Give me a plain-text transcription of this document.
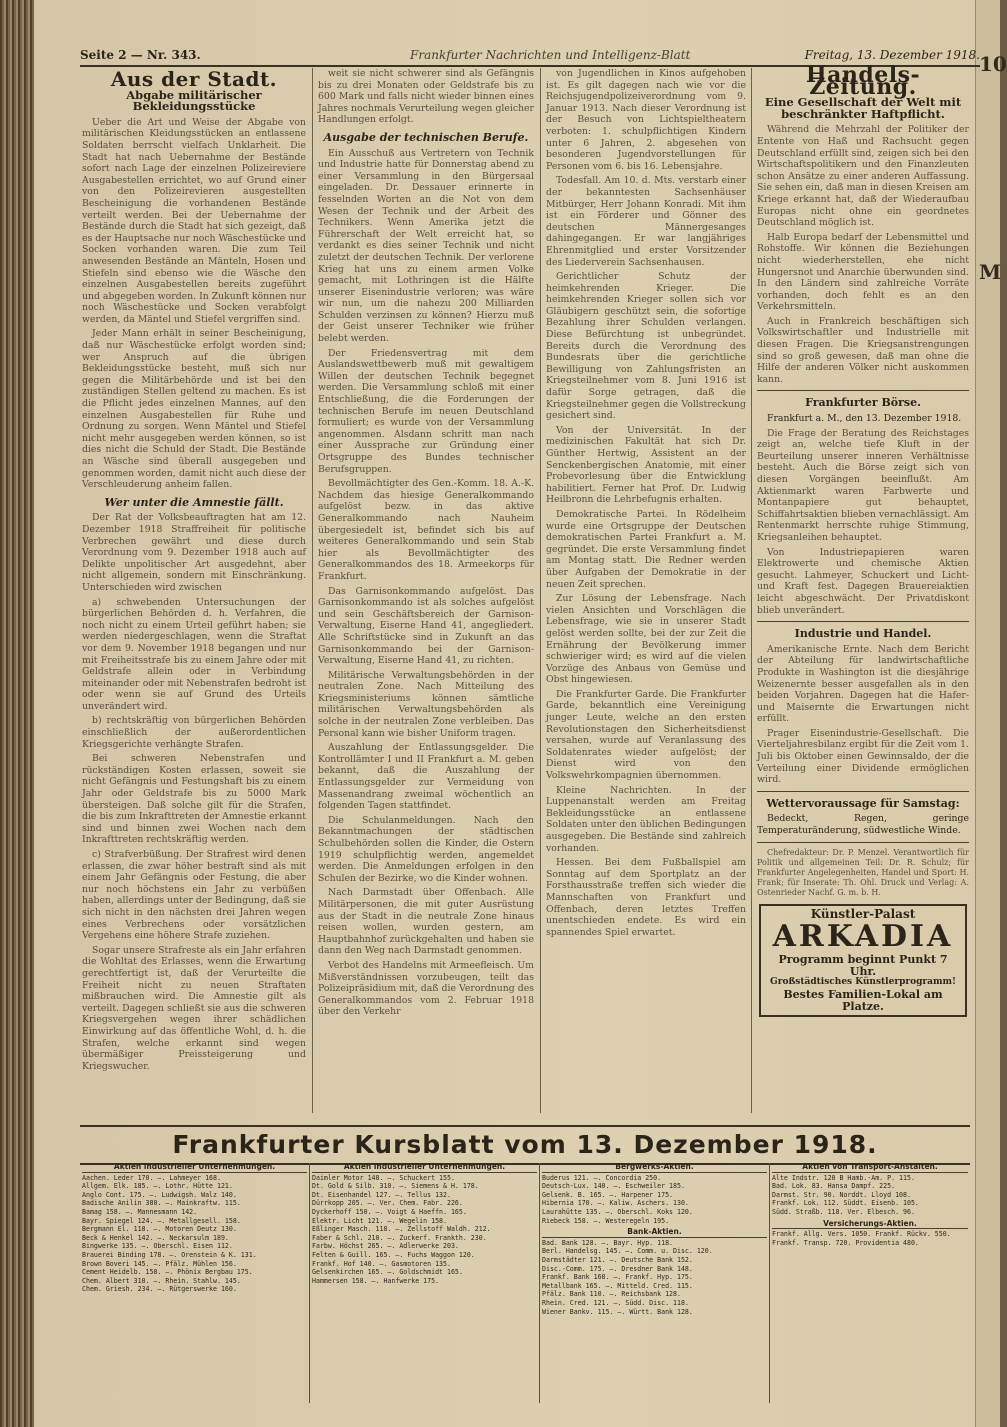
10
M
Seite 2 — Nr. 343.	Frankfurter Nachrichten und Intelligenz-Blatt	Freitag, 13. Dezember 1918.
Aus der Stadt.
Abgabe militärischer Bekleidungsstücke

Ueber die Art und Weise der Abgabe von militärischen Kleidungsstücken an entlassene Soldaten berrscht vielfach Unklarheit. Die Stadt hat nach Uebernahme der Bestände sofort nach Lage der einzelnen Polizeireviere Ausgabestellen errichtet, wo auf Grund einer von den Polizeirevieren ausgestellten Bescheinigung die vorhandenen Bestände verteilt werden. Bei der Uebernahme der Bestände durch die Stadt hat sich gezeigt, daß es der Hauptsache nur noch Wäschestücke und Socken vorhanden waren. Die zum Teil anwesenden Bestände an Mänteln, Hosen und Stiefeln sind ebenso wie die Wäsche den einzelnen Ausgabestellen bereits zugeführt und abgegeben worden. In Zukunft können nur noch Wäschestücke und Socken verabfolgt werden, da Mäntel und Stiefel vergriffen sind.

Jeder Mann erhält in seiner Bescheinigung, daß nur Wäschestücke erfolgt worden sind; wer Anspruch auf die übrigen Bekleidungsstücke besteht, muß sich nur gegen die Militärbehörde und ist bei den zuständigen Stellen geltend zu machen. Es ist die Pflicht jedes einzelnen Mannes, auf den einzelnen Ausgabestellen für Ruhe und Ordnung zu sorgen. Wenn Mäntel und Stiefel nicht mehr ausgegeben werden können, so ist dies nicht die Schuld der Stadt. Die Bestände an Wäsche sind überall ausgegeben und genommen worden, damit nicht auch diese der Verschleuderung anheim fallen.

Wer unter die Amnestie fällt.

Der Rat der Volksbeauftragten hat am 12. Dezember 1918 Straffreiheit für politische Verbrechen gewährt und diese durch Verordnung vom 9. Dezember 1918 auch auf Delikte unpolitischer Art ausgedehnt, aber nicht allgemein, sondern mit Einschränkung. Unterschieden wird zwischen

a) schwebenden Untersuchungen der bürgerlichen Behörden d. h. Verfahren, die noch nicht zu einem Urteil geführt haben; sie werden niedergeschlagen, wenn die Straftat vor dem 9. November 1918 begangen und nur mit Freiheitsstrafe bis zu einem Jahre oder mit Geldstrafe allein oder in Verbindung miteinander oder mit Nebenstrafen bedroht ist oder wenn sie auf Grund des Urteils unverändert wird.

b) rechtskräftig von bürgerlichen Behörden einschließlich der außerordentlichen Kriegsgerichte verhängte Strafen.

Bei schweren Nebenstrafen und rückständigen Kosten erlassen, soweit sie nicht Gefängnis und Festungshaft bis zu einem Jahr oder Geldstrafe bis zu 5000 Mark übersteigen. Daß solche gilt für die Strafen, die bis zum Inkrafttreten der Amnestie erkannt sind und binnen zwei Wochen nach dem Inkrafttreten rechtskräftig werden.

c) Strafverbüßung. Der Strafrest wird denen erlassen, die zwar höher bestraft sind als mit einem Jahr Gefängnis oder Festung, die aber nur noch höchstens ein Jahr zu verbüßen haben, allerdings unter der Bedingung, daß sie sich nicht in den nächsten drei Jahren wegen eines Verbrechens oder vorsätzlichen Vergehens eine höhere Strafe zuziehen.

Sogar unsere Strafreste als ein Jahr erfahren die Wohltat des Erlasses, wenn die Erwartung gerechtfertigt ist, daß der Verurteilte die Freiheit nicht zu neuen Straftaten mißbrauchen wird. Die Amnestie gilt als verteilt. Dagegen schließt sie aus die schweren Kriegsvergehen wegen ihrer schädlichen Einwirkung auf das öffentliche Wohl, d. h. die Strafen, welche erkannt sind wegen übermäßiger Preissteigerung und Kriegswucher.

weit sie nicht schwerer sind als Gefängnis bis zu drei Monaten oder Geldstrafe bis zu 600 Mark und falls nicht wieder binnen eines Jahres nochmals Verurteilung wegen gleicher Handlungen erfolgt.

Ausgabe der technischen Berufe.

Ein Ausschuß aus Vertretern von Technik und Industrie hatte für Donnerstag abend zu einer Versammlung in den Bürgersaal eingeladen. Dr. Dessauer erinnerte in fesselnden Worten an die Not von dem Wesen der Technik und der Arbeit des Technikers. Wenn Amerika jetzt die Führerschaft der Welt erreicht hat, so verdankt es dies seiner Technik und nicht zuletzt der deutschen Technik. Der verlorene Krieg hat uns zu einem armen Volke gemacht, mit Lothringen ist die Hälfte unserer Eisenindustrie verloren; was wäre wir nun, um die nahezu 200 Milliarden Schulden verzinsen zu können? Hierzu muß der Geist unserer Techniker wie früher belebt werden.

Der Friedensvertrag mit dem Auslandswettbewerb muß mit gewaltigem Willen der deutschen Technik begegnet werden. Die Versammlung schloß mit einer Entschließung, die die Forderungen der technischen Berufe im neuen Deutschland formuliert; es wurde von der Versammlung angenommen. Alsdann schritt man nach einer Aussprache zur Gründung einer Ortsgruppe des Bundes technischer Berufsgruppen.

Bevollmächtigter des Gen.-Komm. 18. A.-K. Nachdem das hiesige Generalkommando aufgelöst bezw. in das aktive Generalkommando nach Nauheim übergesiedelt ist, befindet sich bis auf weiteres Generalkommando und sein Stab hier als Bevollmächtigter des Generalkommandos des 18. Armeekorps für Frankfurt.

Das Garnisonkommando aufgelöst. Das Garnisonkommando ist als solches aufgelöst und sein Geschäftsbereich der Garnison-Verwaltung, Eiserne Hand 41, angegliedert. Alle Schriftstücke sind in Zukunft an das Garnisonkommando bei der Garnison-Verwaltung, Eiserne Hand 41, zu richten.

Militärische Verwaltungsbehörden in der neutralen Zone. Nach Mitteilung des Kriegsministeriums können sämtliche militärischen Verwaltungsbehörden als solche in der neutralen Zone verbleiben. Das Personal kann wie bisher Uniform tragen.

Auszahlung der Entlassungsgelder. Die Kontrollämter I und II Frankfurt a. M. geben bekannt, daß die Auszahlung der Entlassungsgelder zur Vermeidung von Massenandrang zweimal wöchentlich an folgenden Tagen stattfindet.

Die Schulanmeldungen. Nach den Bekanntmachungen der städtischen Schulbehörden sollen die Kinder, die Ostern 1919 schulpflichtig werden, angemeldet werden. Die Anmeldungen erfolgen in den Schulen der Bezirke, wo die Kinder wohnen.

Nach Darmstadt über Offenbach. Alle Militärpersonen, die mit guter Ausrüstung aus der Stadt in die neutrale Zone hinaus reisen wollen, wurden gestern, am Hauptbahnhof zurückgehalten und haben sie dann den Weg nach Darmstadt genommen.

Verbot des Handelns mit Armeefleisch. Um Mißverständnissen vorzubeugen, teilt das Polizeipräsidium mit, daß die Verordnung des Generalkommandos vom 2. Februar 1918 über den Verkehr

von Jugendlichen in Kinos aufgehoben ist. Es gilt dagegen nach wie vor die Reichsjugendpolizeiverordnung vom 9. Januar 1913. Nach dieser Verordnung ist der Besuch von Lichtspieltheatern verboten: 1. schulpflichtigen Kindern unter 6 Jahren, 2. abgesehen von besonderen Jugendvorstellungen für Personen vom 6. bis 16. Lebensjahre.

Todesfall. Am 10. d. Mts. verstarb einer der bekanntesten Sachsenhäuser Mitbürger, Herr Johann Konradi. Mit ihm ist ein Förderer und Gönner des deutschen Männergesanges dahingegangen. Er war langjähriges Ehrenmitglied und erster Vorsitzender des Liederverein Sachsenhausen.

Gerichtlicher Schutz der heimkehrenden Krieger. Die heimkehrenden Krieger sollen sich vor Gläubigern geschützt sein, die sofortige Bezahlung ihrer Schulden verlangen. Diese Befürchtung ist unbegründet. Bereits durch die Verordnung des Bundesrats über die gerichtliche Bewilligung von Zahlungsfristen an Kriegsteilnehmer vom 8. Juni 1916 ist dafür Sorge getragen, daß die Kriegsteilnehmer gegen die Vollstreckung gesichert sind.

Von der Universität. In der medizinischen Fakultät hat sich Dr. Günther Hertwig, Assistent an der Senckenbergischen Anatomie, mit einer Probevorlesung über die Entwicklung habilitiert. Ferner hat Prof. Dr. Ludwig Heilbronn die Lehrbefugnis erhalten.

Demokratische Partei. In Rödelheim wurde eine Ortsgruppe der Deutschen demokratischen Partei Frankfurt a. M. gegründet. Die erste Versammlung findet am Montag statt. Die Redner werden über Aufgaben der Demokratie in der neuen Zeit sprechen.

Zur Lösung der Lebensfrage. Nach vielen Ansichten und Vorschlägen die Lebensfrage, wie sie in unserer Stadt gelöst werden sollte, bei der zur Zeit die Ernährung der Bevölkerung immer schwieriger wird; es wird auf die vielen Vorzüge des Anbaus von Gemüse und Obst hingewiesen.

Die Frankfurter Garde. Die Frankfurter Garde, bekanntlich eine Vereinigung junger Leute, welche an den ersten Revolutionstagen den Sicherheitsdienst versahen, wurde auf Veranlassung des Soldatenrates wieder aufgelöst; der Dienst wird von den Volkswehrkompagnien übernommen.

Kleine Nachrichten. In der Luppenanstalt werden am Freitag Bekleidungsstücke an entlassene Soldaten unter den üblichen Bedingungen ausgegeben. Die Bestände sind zahlreich vorhanden.

Hessen. Bei dem Fußballspiel am Sonntag auf dem Sportplatz an der Forsthausstraße treffen sich wieder die Mannschaften von Frankfurt und Offenbach, deren letztes Treffen unentschieden endete. Es wird ein spannendes Spiel erwartet.

Handels-Zeitung.
Eine Gesellschaft der Welt mit beschränkter Haftpflicht.

Während die Mehrzahl der Politiker der Entente von Haß und Rachsucht gegen Deutschland erfüllt sind, zeigen sich bei den Wirtschaftspolitikern und den Finanzleuten schon Ansätze zu einer anderen Auffassung. Sie sehen ein, daß man in diesen Kreisen am Kriege erkannt hat, daß der Wiederaufbau Europas nicht ohne ein geordnetes Deutschland möglich ist.

Halb Europa bedarf der Lebensmittel und Rohstoffe. Wir können die Beziehungen nicht wiederherstellen, ehe nicht Hungersnot und Anarchie überwunden sind. In den Ländern sind zahlreiche Vorräte vorhanden, doch fehlt es an den Verkehrsmitteln.

Auch in Frankreich beschäftigen sich Volkswirtschaftler und Industrielle mit diesen Fragen. Die Kriegsanstrengungen sind so groß gewesen, daß man ohne die Hilfe der anderen Völker nicht auskommen kann.

Frankfurter Börse.

Frankfurt a. M., den 13. Dezember 1918.

Die Frage der Beratung des Reichstages zeigt an, welche tiefe Kluft in der Beurteilung unserer inneren Verhältnisse besteht. Auch die Börse zeigt sich von diesen Vorgängen beeinflußt. Am Aktienmarkt waren Farbwerte und Montanpapiere gut behauptet, Schiffahrtsaktien blieben vernachlässigt. Am Rentenmarkt herrschte ruhige Stimmung, Kriegsanleihen behauptet.

Von Industriepapieren waren Elektrowerte und chemische Aktien gesucht. Lahmeyer, Schuckert und Licht- und Kraft fest. Dagegen Brauereiaktien leicht abgeschwächt. Der Privatdiskont blieb unverändert.

Industrie und Handel.

Amerikanische Ernte. Nach dem Bericht der Abteilung für landwirtschaftliche Produkte in Washington ist die diesjährige Weizenernte besser ausgefallen als in den beiden Vorjahren. Dagegen hat die Hafer- und Maisernte die Erwartungen nicht erfüllt.

Prager Eisenindustrie-Gesellschaft. Die Vierteljahresbilanz ergibt für die Zeit vom 1. Juli bis Oktober einen Gewinnsaldo, der die Verteilung einer Dividende ermöglichen wird.

Wettervoraussage für Samstag:

Bedeckt, Regen, geringe Temperaturänderung, südwestliche Winde.

Chefredakteur: Dr. P. Menzel. Verantwortlich für Politik und allgemeinen Teil: Dr. R. Schulz; für Frankfurter Angelegenheiten, Handel und Sport: H. Frank; für Inserate: Th. Ohl. Druck und Verlag: A. Ostenrieder Nachf. G. m. b. H.

Künstler-Palast
ARKADIA
Programm beginnt Punkt 7 Uhr.
Großstädtisches Künstlerprogramm!
Bestes Familien-Lokal am Platze.
Frankfurter Kursblatt vom 13. Dezember 1918.
Aktien industrieller Unternehmungen.
Aachen. Leder 170. —. Lahmeyer 168.
Allgem. Elk. 185. —. Lothr. Hütte 121.
Anglo Cont. 175. —. Ludwigsh. Walz 140.
Badische Anilin 380. —. Mainkraftw. 115.
Bamag 158. —. Mannesmann 142.
Bayr. Spiegel 124. —. Metallgesell. 158.
Bergmann El. 118. —. Motoren Deutz 130.
Beck & Henkel 142. —. Neckarsulm 189.
Bingwerke 135. —. Oberschl. Eisen 112.
Brauerei Binding 178. —. Orenstein & K. 131.
Brown Boveri 145. —. Pfälz. Mühlen 156.
Cement Heidelb. 158. —. Phönix Bergbau 175.
Chem. Albert 310. —. Rhein. Stahlw. 145.
Chem. Griesh. 234. —. Rütgerswerke 160.
Aktien industrieller Unternehmungen.
Daimler Motor 148. —. Schuckert 155.
Dt. Gold & Silb. 310. —. Siemens & H. 178.
Dt. Eisenhandel 127. —. Tellus 132.
Dürrkopp 205. —. Ver. Chem. Fabr. 226.
Dyckerhoff 150. —. Voigt & Haeffn. 165.
Elektr. Licht 121. —. Wegelin 158.
Eßlinger Masch. 118. —. Zellstoff Waldh. 212.
Faber & Schl. 210. —. Zuckerf. Frankth. 230.
Farbw. Höchst 265. —. Adlerwerke 203.
Felten & Guill. 165. —. Fuchs Waggon 120.
Frankf. Hof 140. —. Gasmotoren 135.
Gelsenkirchen 165. —. Goldschmidt 165.
Hammersen 158. —. Hanfwerke 175.
Bergwerks-Aktien.
Buderus 121. —. Concordia 250.
Deutsch-Lux. 140. —. Eschweiler 185.
Gelsenk. B. 165. —. Harpener 175.
Hibernia 170. —. Kaliw. Aschers. 130.
Laurahütte 135. —. Oberschl. Koks 120.
Riebeck 158. —. Westeregeln 195.
Bank-Aktien.
Bad. Bank 128. —. Bayr. Hyp. 118.
Berl. Handelsg. 145. —. Comm. u. Disc. 120.
Darmstädter 121. —. Deutsche Bank 152.
Disc.-Comm. 175. —. Dresdner Bank 148.
Frankf. Bank 168. —. Frankf. Hyp. 175.
Metallbank 165. —. Mitteld. Cred. 115.
Pfälz. Bank 110. —. Reichsbank 128.
Rhein. Cred. 121. —. Südd. Disc. 118.
Wiener Bankv. 115. —. Württ. Bank 128.
Aktien von Transport-Anstalten.
Alte Indstr. 120 B Hamb.-Am. P. 115.
Bad. Lok. 83. Hansa Dampf. 225.
Darmst. Str. 90. Norddt. Lloyd 108.
Frankf. Lok. 112. Süddt. Eisenb. 105.
Südd. Straßb. 118. Ver. Elbesch. 96.
Versicherungs-Aktien.
Frankf. Allg. Vers. 1050. Frankf. Rückv. 550.
Frankf. Transp. 720. Providentia 480.
